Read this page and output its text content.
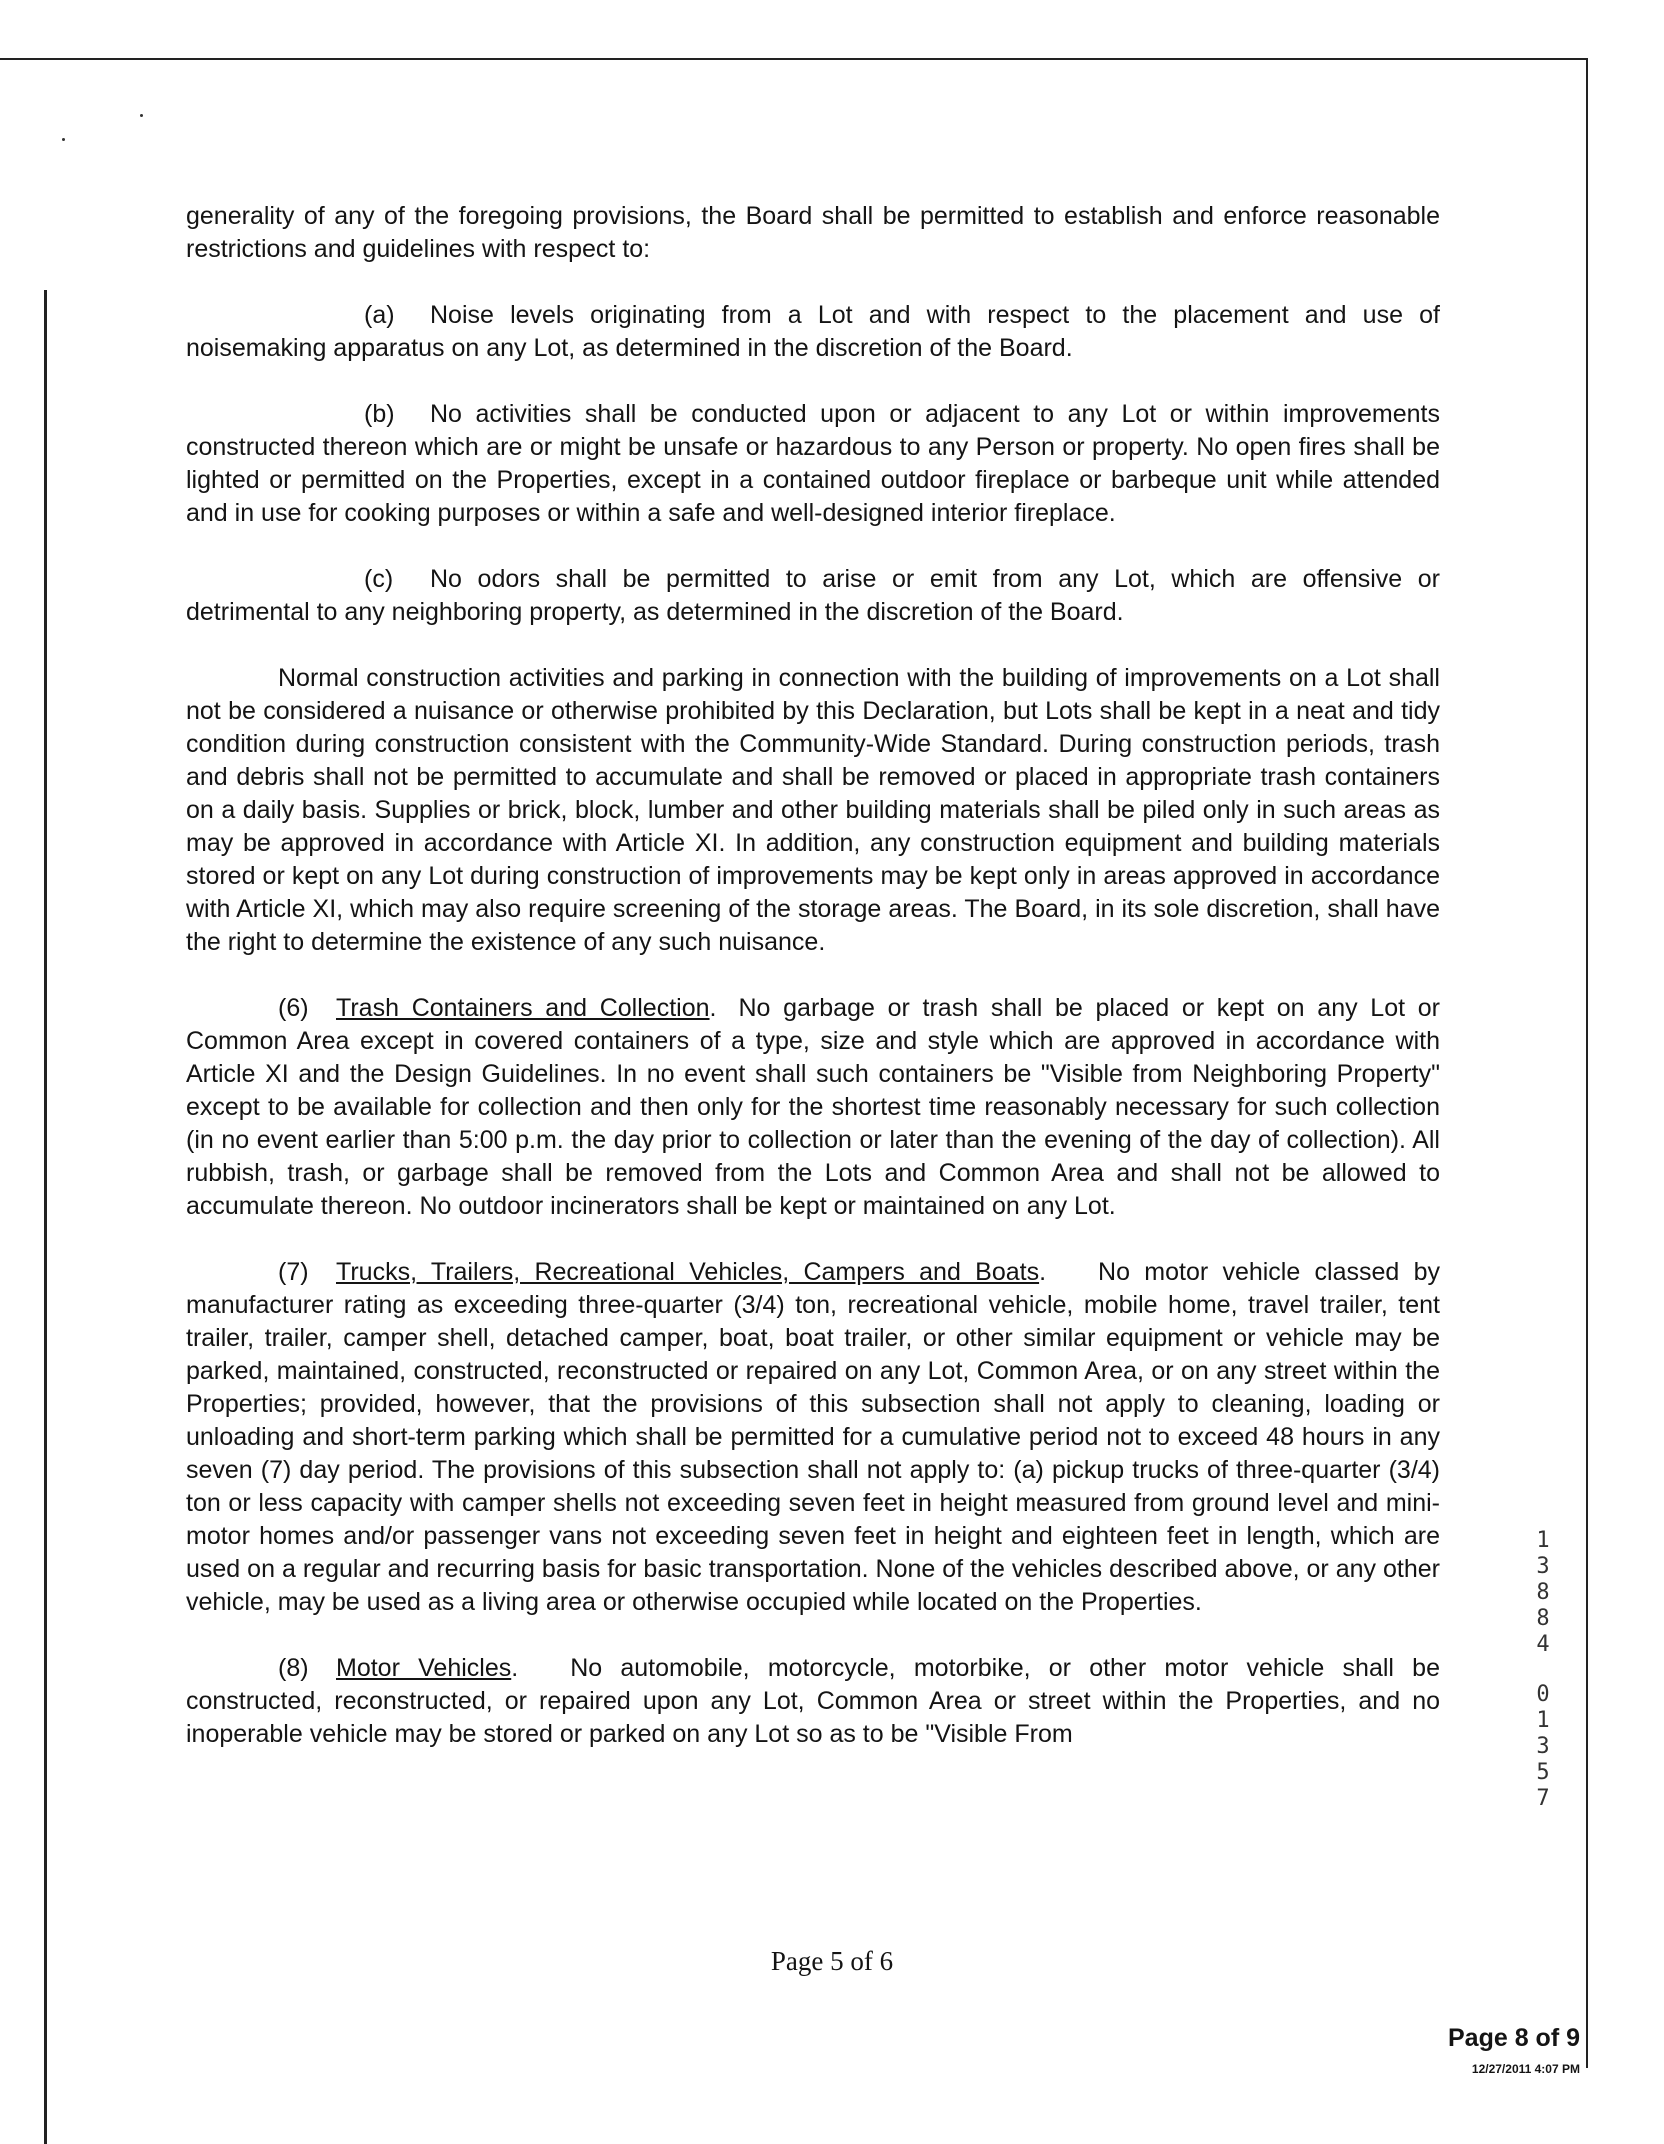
generality of any of the foregoing provisions, the Board shall be permitted to establish and enforce reasonable restrictions and guidelines with respect to:

(a) Noise levels originating from a Lot and with respect to the placement and use of noisemaking apparatus on any Lot, as determined in the discretion of the Board.

(b) No activities shall be conducted upon or adjacent to any Lot or within improvements constructed thereon which are or might be unsafe or hazardous to any Person or property. No open fires shall be lighted or permitted on the Properties, except in a contained outdoor fireplace or barbeque unit while attended and in use for cooking purposes or within a safe and well-designed interior fireplace.

(c) No odors shall be permitted to arise or emit from any Lot, which are offensive or detrimental to any neighboring property, as determined in the discretion of the Board.

Normal construction activities and parking in connection with the building of improvements on a Lot shall not be considered a nuisance or otherwise prohibited by this Declaration, but Lots shall be kept in a neat and tidy condition during construction consistent with the Community-Wide Standard. During construction periods, trash and debris shall not be permitted to accumulate and shall be removed or placed in appropriate trash containers on a daily basis. Supplies or brick, block, lumber and other building materials shall be piled only in such areas as may be approved in accordance with Article XI. In addition, any construction equipment and building materials stored or kept on any Lot during construction of improvements may be kept only in areas approved in accordance with Article XI, which may also require screening of the storage areas. The Board, in its sole discretion, shall have the right to determine the existence of any such nuisance.

(6) Trash Containers and Collection. No garbage or trash shall be placed or kept on any Lot or Common Area except in covered containers of a type, size and style which are approved in accordance with Article XI and the Design Guidelines. In no event shall such containers be "Visible from Neighboring Property" except to be available for collection and then only for the shortest time reasonably necessary for such collection (in no event earlier than 5:00 p.m. the day prior to collection or later than the evening of the day of collection). All rubbish, trash, or garbage shall be removed from the Lots and Common Area and shall not be allowed to accumulate thereon. No outdoor incinerators shall be kept or maintained on any Lot.

(7) Trucks, Trailers, Recreational Vehicles, Campers and Boats. No motor vehicle classed by manufacturer rating as exceeding three-quarter (3/4) ton, recreational vehicle, mobile home, travel trailer, tent trailer, trailer, camper shell, detached camper, boat, boat trailer, or other similar equipment or vehicle may be parked, maintained, constructed, reconstructed or repaired on any Lot, Common Area, or on any street within the Properties; provided, however, that the provisions of this subsection shall not apply to cleaning, loading or unloading and short-term parking which shall be permitted for a cumulative period not to exceed 48 hours in any seven (7) day period. The provisions of this subsection shall not apply to: (a) pickup trucks of three-quarter (3/4) ton or less capacity with camper shells not exceeding seven feet in height measured from ground level and mini-motor homes and/or passenger vans not exceeding seven feet in height and eighteen feet in length, which are used on a regular and recurring basis for basic transportation. None of the vehicles described above, or any other vehicle, may be used as a living area or otherwise occupied while located on the Properties.

(8) Motor Vehicles. No automobile, motorcycle, motorbike, or other motor vehicle shall be constructed, reconstructed, or repaired upon any Lot, Common Area or street within the Properties, and no inoperable vehicle may be stored or parked on any Lot so as to be "Visible From

1
3
8
8
4
0
1
3
5
7
Page 5 of 6
Page 8 of 9
12/27/2011 4:07 PM
